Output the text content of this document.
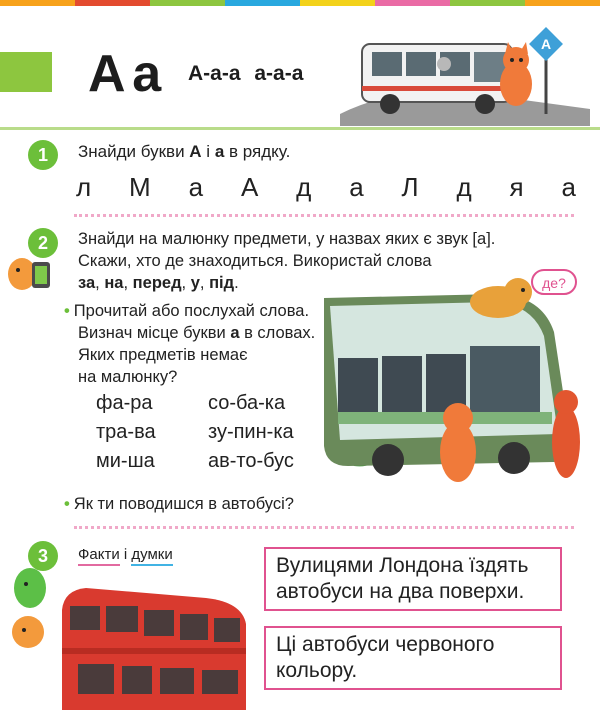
Аа А-а-а а-а-а
А
1	Знайди букви А і а в рядку.
л М а А д а Л д я а
2	Знайди на малюнку предмети, у назвах яких є звук [а].
Скажи, хто де знаходиться. Використай слова
за, на, перед, у, під.
• Прочитай або послухай слова.
Визнач місце букви а в словах.
Яких предметів немає
на малюнку?
фа-ра	со-ба-ка
тра-ва	зу-пин-ка
ми-ша	ав-то-бус
• Як ти поводишся в автобусі?
де?
3	Факти і думки	Вулицями Лондона їздять автобуси на два поверхи.
Ці автобуси червоного кольору.
